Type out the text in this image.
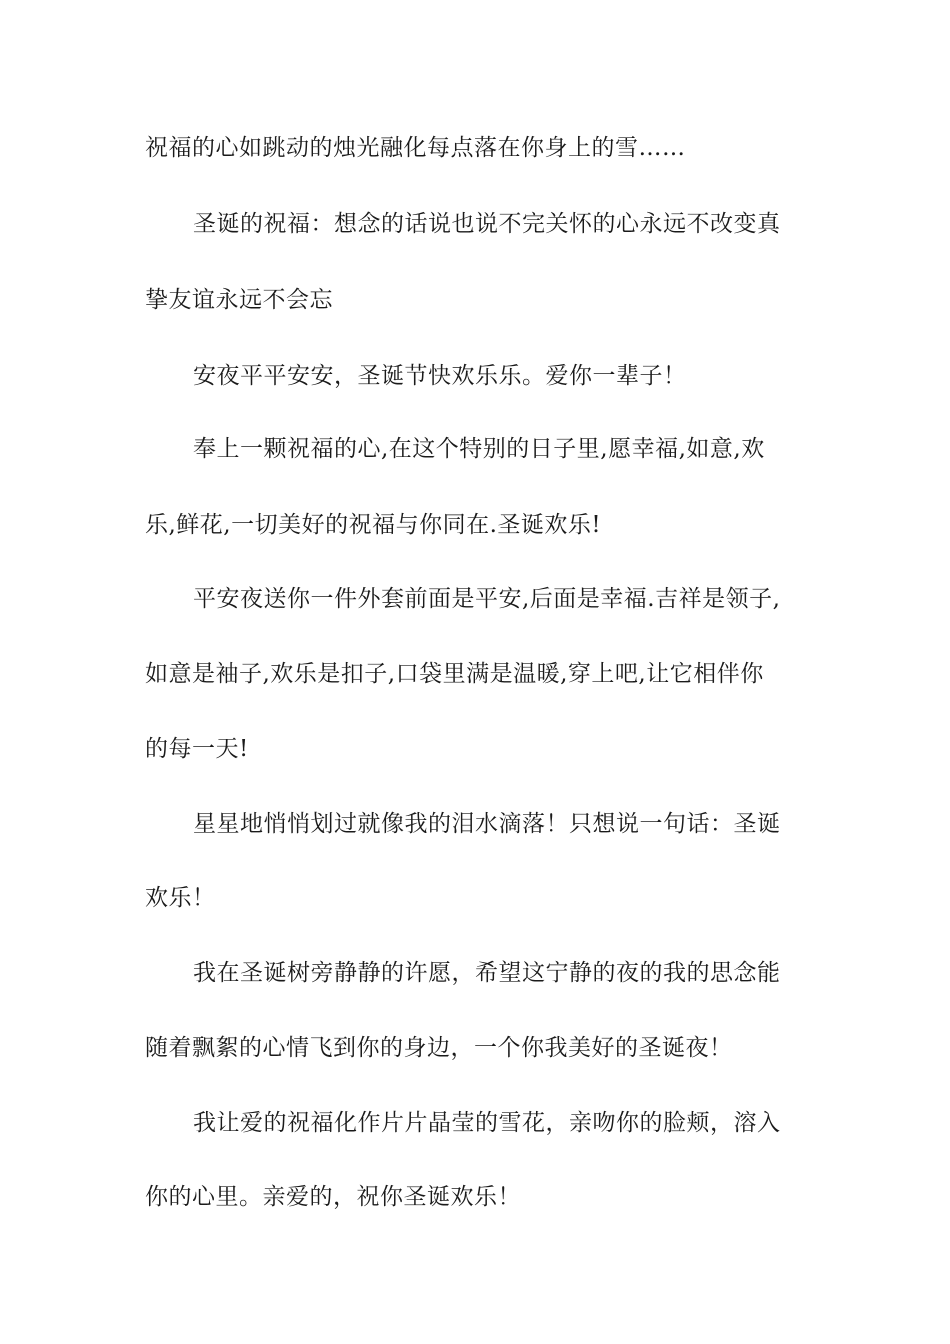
祝福的心如跳动的烛光融化每点落在你身上的雪……
圣诞的祝福：想念的话说也说不完关怀的心永远不改变真
挚友谊永远不会忘
安夜平平安安，圣诞节快欢乐乐。爱你一辈子！
奉上一颗祝福的心,在这个特别的日子里,愿幸福,如意,欢
乐,鲜花,一切美好的祝福与你同在.圣诞欢乐!
平安夜送你一件外套前面是平安,后面是幸福.吉祥是领子,
如意是袖子,欢乐是扣子,口袋里满是温暖,穿上吧,让它相伴你
的每一天!
星星地悄悄划过就像我的泪水滴落！只想说一句话：圣诞
欢乐！
我在圣诞树旁静静的许愿，希望这宁静的夜的我的思念能
随着飘絮的心情飞到你的身边，一个你我美好的圣诞夜！
我让爱的祝福化作片片晶莹的雪花，亲吻你的脸颊，溶入
你的心里。亲爱的，祝你圣诞欢乐！
